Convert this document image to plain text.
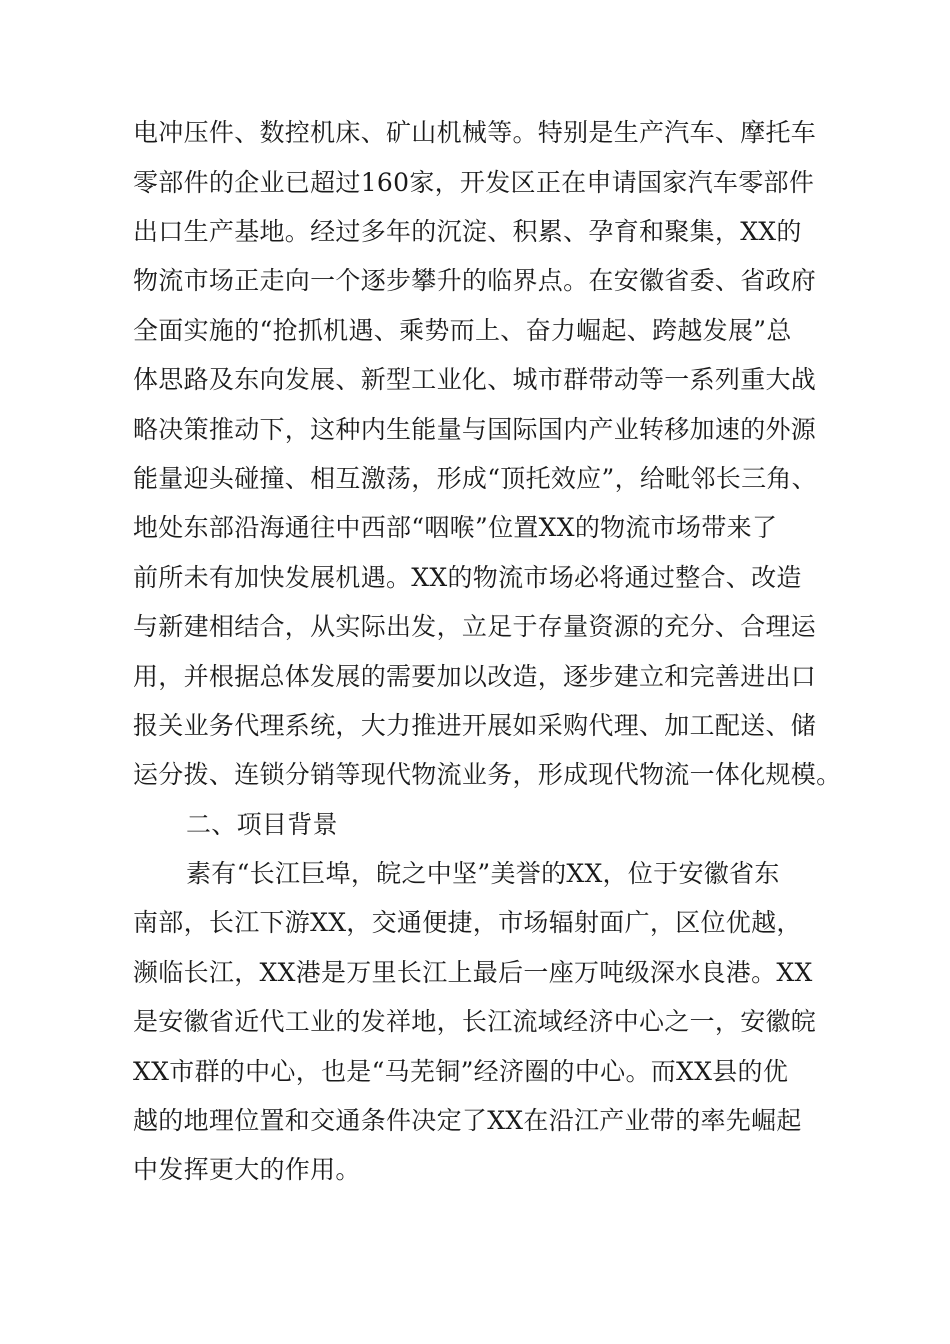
电冲压件、数控机床、矿山机械等。特别是生产汽车、摩托车
零部件的企业已超过160家，开发区正在申请国家汽车零部件
出口生产基地。经过多年的沉淀、积累、孕育和聚集，XX的
物流市场正走向一个逐步攀升的临界点。在安徽省委、省政府
全面实施的“抢抓机遇、乘势而上、奋力崛起、跨越发展”总
体思路及东向发展、新型工业化、城市群带动等一系列重大战
略决策推动下，这种内生能量与国际国内产业转移加速的外源
能量迎头碰撞、相互激荡，形成“顶托效应”，给毗邻长三角、
地处东部沿海通往中西部“咽喉”位置XX的物流市场带来了
前所未有加快发展机遇。XX的物流市场必将通过整合、改造
与新建相结合，从实际出发，立足于存量资源的充分、合理运
用，并根据总体发展的需要加以改造，逐步建立和完善进出口
报关业务代理系统，大力推进开展如采购代理、加工配送、储
运分拨、连锁分销等现代物流业务，形成现代物流一体化规模。
二、项目背景
素有“长江巨埠，皖之中坚”美誉的XX，位于安徽省东
南部，长江下游XX，交通便捷，市场辐射面广，区位优越，
濒临长江，XX港是万里长江上最后一座万吨级深水良港。XX
是安徽省近代工业的发祥地，长江流域经济中心之一，安徽皖
XX市群的中心，也是“马芜铜”经济圈的中心。而XX县的优
越的地理位置和交通条件决定了XX在沿江产业带的率先崛起
中发挥更大的作用。
